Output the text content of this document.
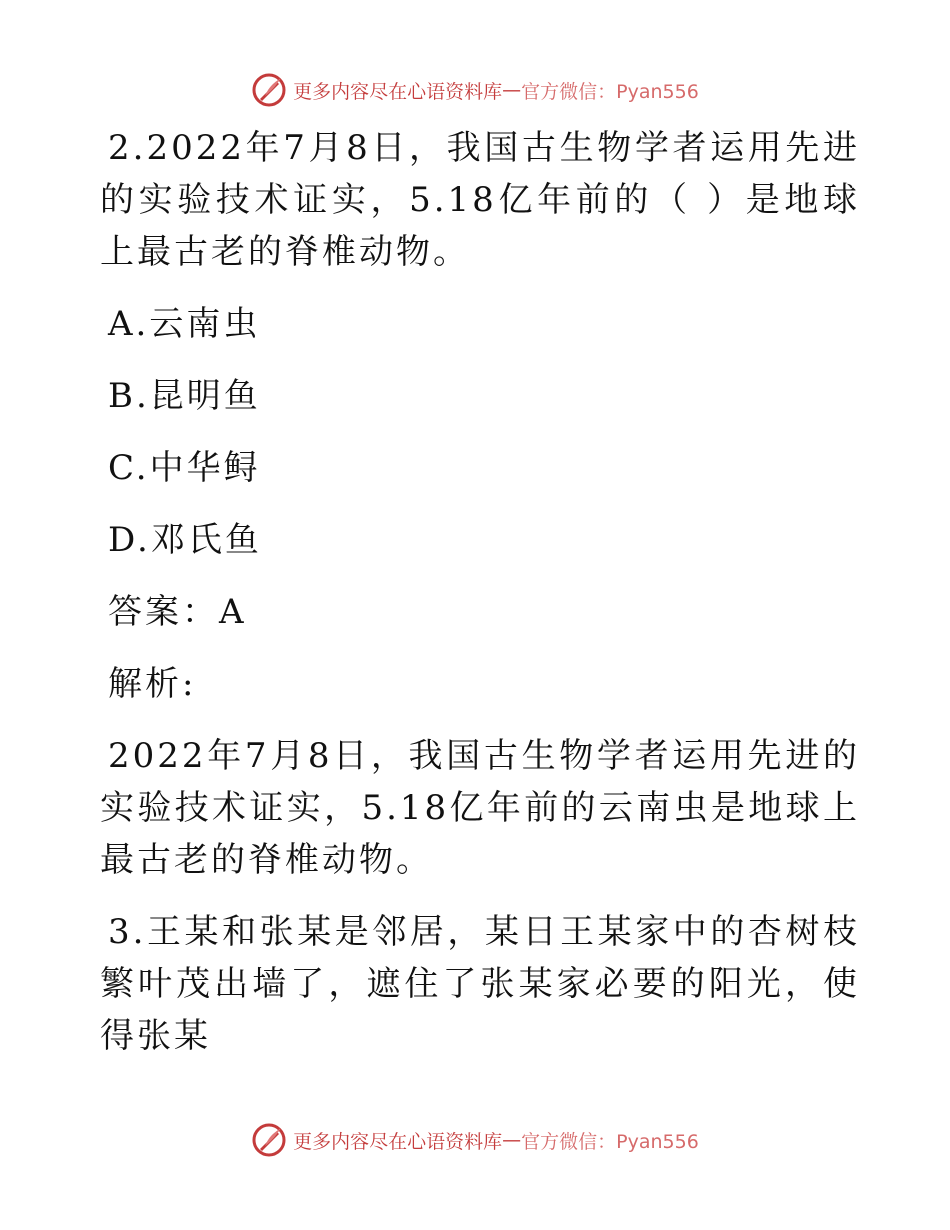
更多内容尽在心语资料库 — 官方微信：Pyan556

2.2022年7月8日，我国古生物学者运用先进的实验技术证实，5.18亿年前的（ ）是地球上最古老的脊椎动物。

A.云南虫

B.昆明鱼

C.中华鲟

D.邓氏鱼

答案：A

解析:

2022年7月8日，我国古生物学者运用先进的实验技术证实，5.18亿年前的云南虫是地球上最古老的脊椎动物。

3.王某和张某是邻居，某日王某家中的杏树枝繁叶茂出墙了，遮住了张某家必要的阳光，使得张某

更多内容尽在心语资料库 — 官方微信：Pyan556
